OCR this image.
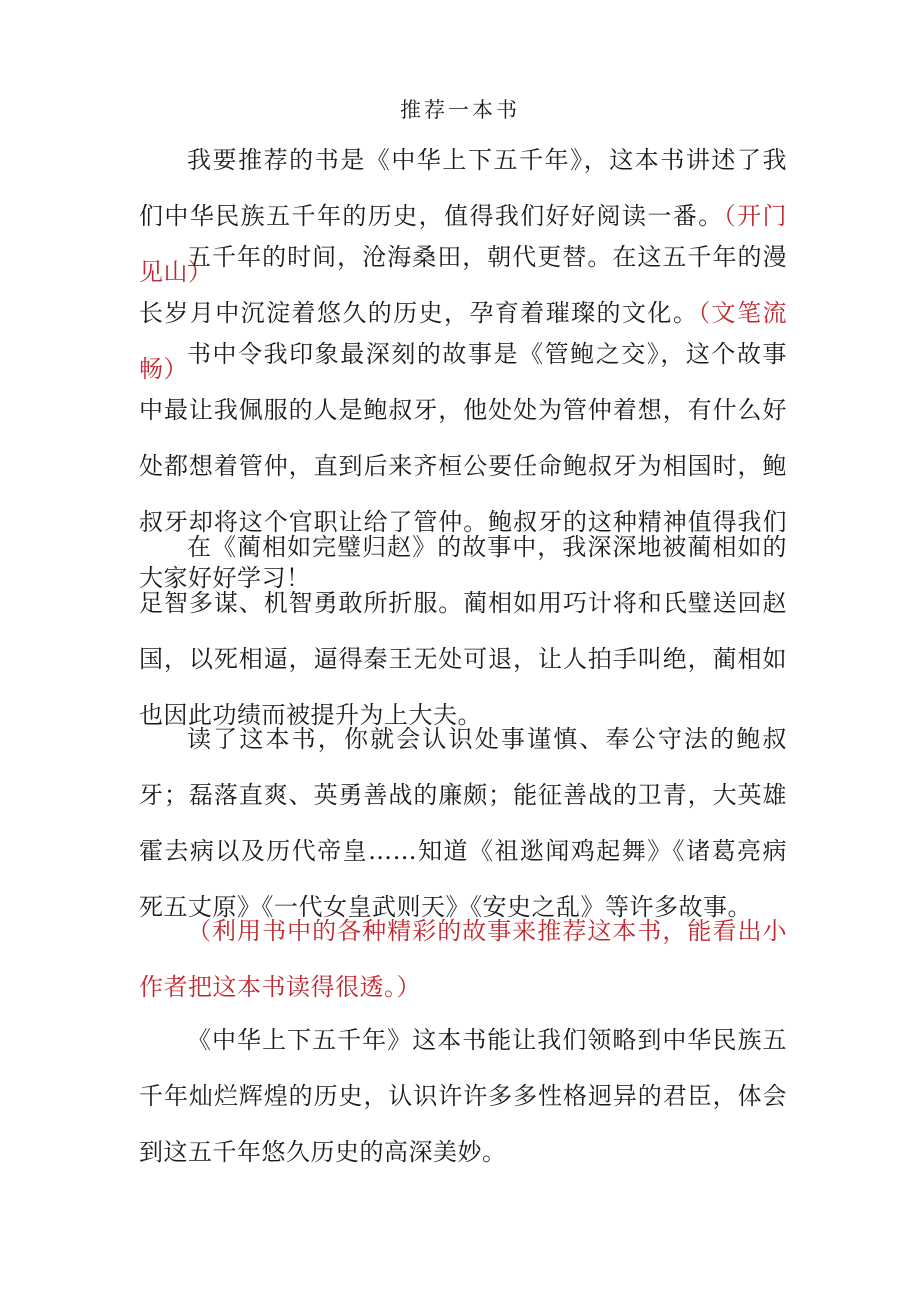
推荐一本书

我要推荐的书是《中华上下五千年》，这本书讲述了我们中华民族五千年的历史，值得我们好好阅读一番。（开门见山）

五千年的时间，沧海桑田，朝代更替。在这五千年的漫长岁月中沉淀着悠久的历史，孕育着璀璨的文化。（文笔流畅）

书中令我印象最深刻的故事是《管鲍之交》，这个故事中最让我佩服的人是鲍叔牙，他处处为管仲着想，有什么好处都想着管仲，直到后来齐桓公要任命鲍叔牙为相国时，鲍叔牙却将这个官职让给了管仲。鲍叔牙的这种精神值得我们大家好好学习！

在《蔺相如完璧归赵》的故事中，我深深地被蔺相如的足智多谋、机智勇敢所折服。蔺相如用巧计将和氏璧送回赵国，以死相逼，逼得秦王无处可退，让人拍手叫绝，蔺相如也因此功绩而被提升为上大夫。

读了这本书，你就会认识处事谨慎、奉公守法的鲍叔牙；磊落直爽、英勇善战的廉颇；能征善战的卫青，大英雄霍去病以及历代帝皇……知道《祖逖闻鸡起舞》《诸葛亮病死五丈原》《一代女皇武则天》《安史之乱》等许多故事。

（利用书中的各种精彩的故事来推荐这本书，能看出小作者把这本书读得很透。）

《中华上下五千年》这本书能让我们领略到中华民族五千年灿烂辉煌的历史，认识许许多多性格迥异的君臣，体会到这五千年悠久历史的高深美妙。
